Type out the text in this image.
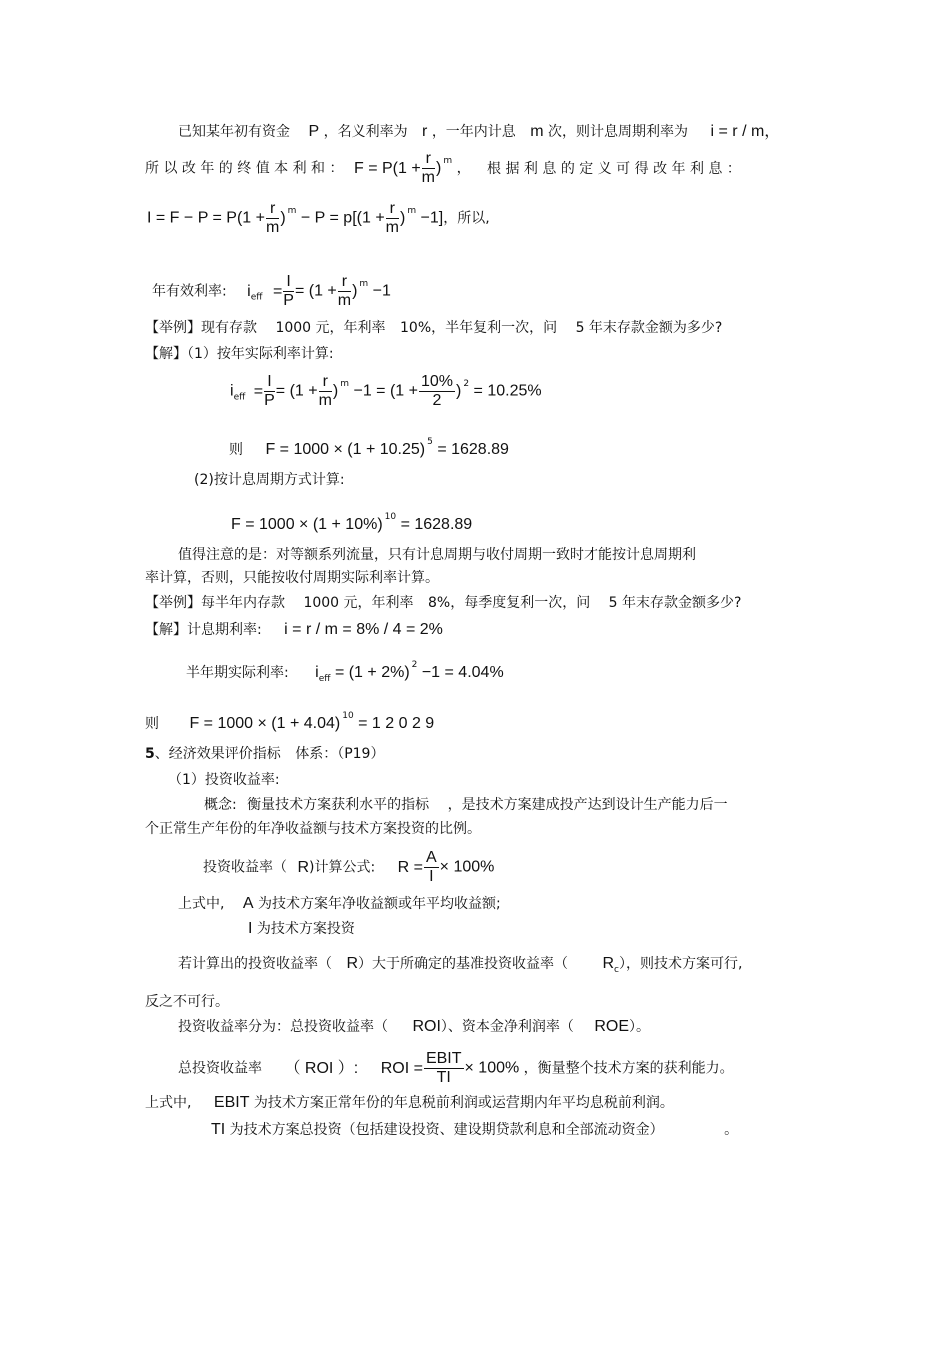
已知某年初有资金 P ，名义利率为 r ，一年内计息 m 次，则计息周期利率为 i = r / m，
所 以 改 年 的 终 值 本 利 和 ： $F = P(1 + \frac{r}{m}$ ) $^m$ ， 根 据 利 息 的 定 义 可 得 改 年 利 息 ：
$I = F - P = P(1 + \frac{r}{m}$ ) $^m - P = p[(1 + \frac{r}{m}$ ) $^m$ −1]，所以,
年有效利率: $i_{eff} = \frac{I}{P} = (1 + \frac{r}{m}$ ) $^m$ −1
【举例】现有存款 1000 元，年利率 10%，半年复利一次，问 5 年末存款金额为多少?
【解】（1）按年实际利率计算:
$i_{eff} = \frac{I}{P} = (1 + \frac{r}{m}$ ) $^m -1 = (1 + \frac{10\%}{2}$ ) $^2$ = 10.25%
则 F = 1000 × (1 + 10.25) $^5$ = 1628.89
(2)按计息周期方式计算:
F = 1000 × (1 + 10%) $^{10}$ = 1628.89
值得注意的是：对等额系列流量，只有计息周期与收付周期一致时才能按计息周期利
率计算，否则，只能按收付周期实际利率计算。
【举例】每半年内存款 1000 元，年利率 8%，每季度复利一次，问 5 年末存款金额多少?
【解】计息期利率: i = r / m = 8% / 4 = 2%
半年期实际利率: $i_{eff} = (1 + 2\%)$ $^2$ −1 = 4.04%
则 F = 1000 × (1 + 4.04) $^{10}$ = 1 2 0 2 9
5、经济效果评价指标 体系：（P19）
（1）投资收益率:
概念: 衡量技术方案获利水平的指标 ，是技术方案建成投产达到设计生产能力后一
个正常生产年份的年净收益额与技术方案投资的比例。
投资收益率（ R)计算公式: $R = \frac{A}{I} \times 100\%$
上式中, A 为技术方案年净收益额或年平均收益额;
I 为技术方案投资
若计算出的投资收益率（ R）大于所确定的基准投资收益率（ $R_c$），则技术方案可行,
反之不可行。
投资收益率分为：总投资收益率（ ROI）、资本金净利润率（ ROE）。
总投资收益率 （ ROI ）: ROI = $\frac{\text{EBIT}}{TI} \times 100\%$ ，衡量整个技术方案的获利能力。
上式中, EBIT 为技术方案正常年份的年息税前利润或运营期内年平均息税前利润。
TI 为技术方案总投资（包括建设投资、建设期贷款利息和全部流动资金）	。
